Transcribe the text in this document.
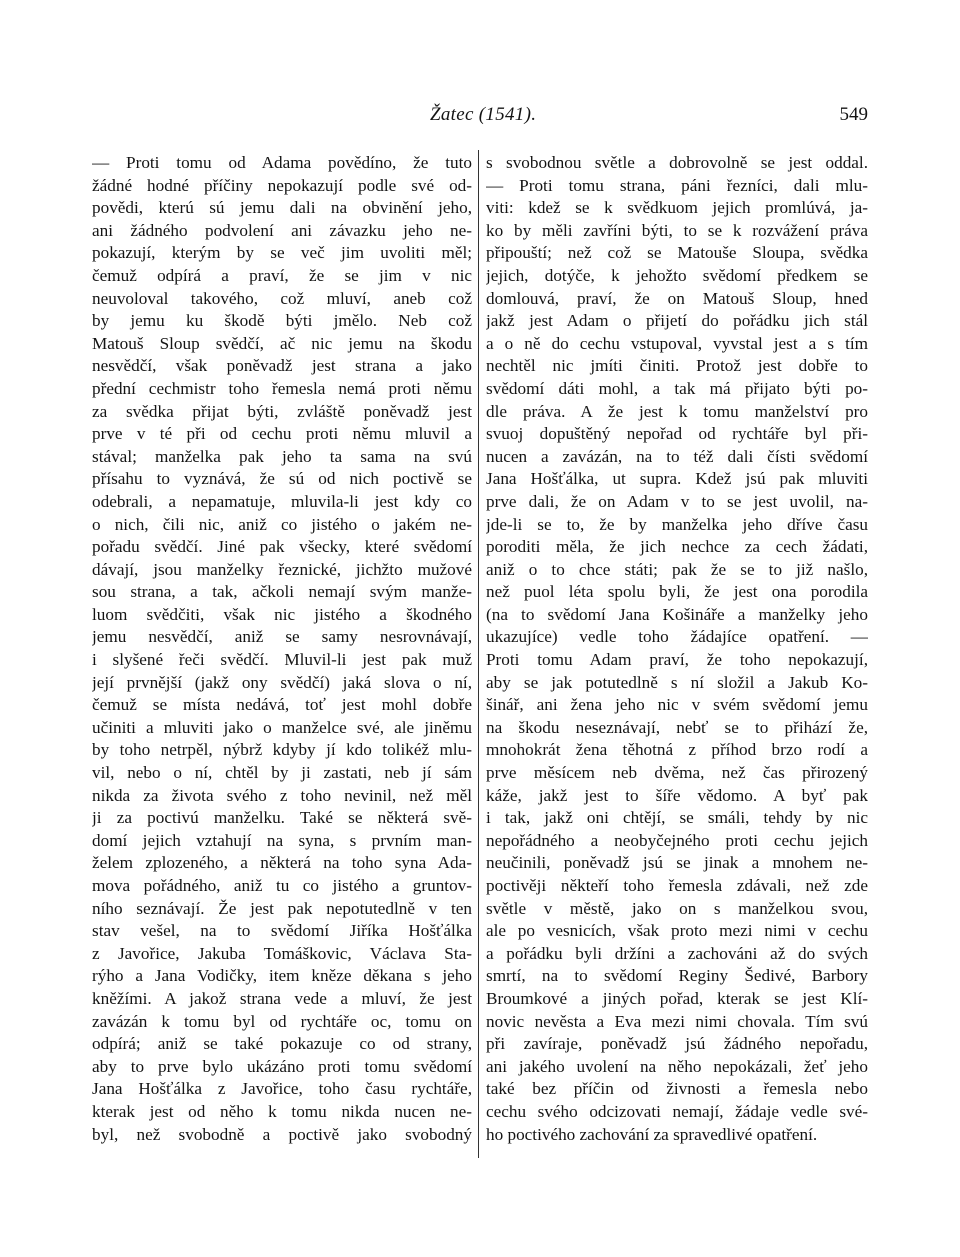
Žatec (1541).	549
— Proti tomu od Adama povědíno, že tuto
žádné hodné příčiny nepokazují podle své od-
povědi, kterú sú jemu dali na obvinění jeho,
ani žádného podvolení ani závazku jeho ne-
pokazují, kterým by se več jim uvoliti měl;
čemuž odpírá a praví, že se jim v nic
neuvoloval takového, což mluví, aneb což
by jemu ku škodě býti jmělo. Neb což
Matouš Sloup svědčí, ač nic jemu na škodu
nesvědčí, však poněvadž jest strana a jako
přední cechmistr toho řemesla nemá proti němu
za svědka přijat býti, zvláště poněvadž jest
prve v té při od cechu proti němu mluvil a
stával; manželka pak jeho ta sama na svú
přísahu to vyznává, že sú od nich poctivě se
odebrali, a nepamatuje, mluvila-li jest kdy co
o nich, čili nic, aniž co jistého o jakém ne-
pořadu svědčí. Jiné pak všecky, které svědomí
dávají, jsou manželky řeznické, jichžto mužové
sou strana, a tak, ačkoli nemají svým manže-
luom svědčiti, však nic jistého a škodného
jemu nesvědčí, aniž se samy nesrovnávají,
i slyšené řeči svědčí. Mluvil-li jest pak muž
její prvnější (jakž ony svědčí) jaká slova o ní,
čemuž se místa nedává, toť jest mohl dobře
učiniti a mluviti jako o manželce své, ale jiněmu
by toho netrpěl, nýbrž kdyby jí kdo tolikéž mlu-
vil, nebo o ní, chtěl by ji zastati, neb jí sám
nikda za života svého z toho nevinil, než měl
ji za poctivú manželku. Také se některá svě-
domí jejich vztahují na syna, s prvním man-
želem zplozeného, a některá na toho syna Ada-
mova pořádného, aniž tu co jistého a gruntov-
ního seznávají. Že jest pak nepotutedlně v ten
stav vešel, na to svědomí Jiříka Hošťálka
z Javořice, Jakuba Tomáškovic, Václava Sta-
rýho a Jana Vodičky, item kněze děkana s jeho
kněžími. A jakož strana vede a mluví, že jest
zavázán k tomu byl od rychtáře oc, tomu on
odpírá; aniž se také pokazuje co od strany,
aby to prve bylo ukázáno proti tomu svědomí
Jana Hošťálka z Javořice, toho času rychtáře,
kterak jest od něho k tomu nikda nucen ne-
byl, než svobodně a poctivě jako svobodný
s svobodnou světle a dobrovolně se jest oddal.
— Proti tomu strana, páni řezníci, dali mlu-
viti: kdež se k svědkuom jejich promlúvá, ja-
ko by měli zavříni býti, to se k rozvážení práva
připouští; než což se Matouše Sloupa, svědka
jejich, dotýče, k jehožto svědomí předkem se
domlouvá, praví, že on Matouš Sloup, hned
jakž jest Adam o přijetí do pořádku jich stál
a o ně do cechu vstupoval, vyvstal jest a s tím
nechtěl nic jmíti činiti. Protož jest dobře to
svědomí dáti mohl, a tak má přijato býti po-
dle práva. A že jest k tomu manželství pro
svuoj dopuštěný nepořad od rychtáře byl při-
nucen a zavázán, na to též dali čísti svědomí
Jana Hošťálka, ut supra. Kdež jsú pak mluviti
prve dali, že on Adam v to se jest uvolil, na-
jde-li se to, že by manželka jeho dříve času
poroditi měla, že jich nechce za cech žádati,
aniž o to chce státi; pak že se to již našlo,
než puol léta spolu byli, že jest ona porodila
(na to svědomí Jana Košináře a manželky jeho
ukazujíce) vedle toho žádajíce opatření. —
Proti tomu Adam praví, že toho nepokazují,
aby se jak potutedlně s ní složil a Jakub Ko-
šinář, ani žena jeho nic v svém svědomí jemu
na škodu neseznávají, nebť se to přihází že,
mnohokrát žena těhotná z příhod brzo rodí a
prve měsícem neb dvěma, než čas přirozený
káže, jakž jest to šíře vědomo. A byť pak
i tak, jakž oni chtějí, se smáli, tehdy by nic
nepořádného a neobyčejného proti cechu jejich
neučinili, poněvadž jsú se jinak a mnohem ne-
poctivěji někteří toho řemesla zdávali, než zde
světle v městě, jako on s manželkou svou,
ale po vesnicích, však proto mezi nimi v cechu
a pořádku byli držíni a zachováni až do svých
smrtí, na to svědomí Reginy Šedivé, Barbory
Broumkové a jiných pořad, kterak se jest Klí-
novic nevěsta a Eva mezi nimi chovala. Tím svú
při zavíraje, poněvadž jsú žádného nepořadu,
ani jakého uvolení na něho nepokázali, žeť jeho
také bez příčin od živnosti a řemesla nebo
cechu svého odcizovati nemají, žádaje vedle své-
ho poctivého zachování za spravedlivé opatření.
